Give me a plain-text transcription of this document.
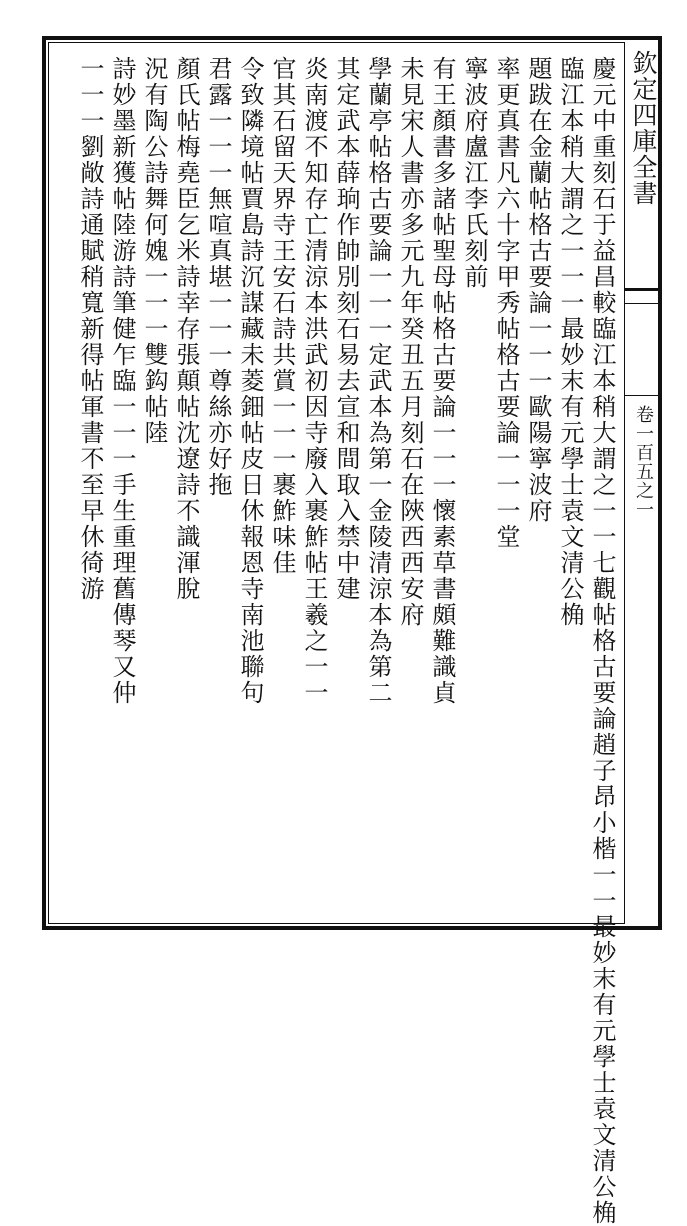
欽定四庫全書
卷一百五之一
慶元中重刻石于益昌較臨江本稍大謂之一一七觀帖格古要論趙子昂小楷一一最妙末有元學士袁文清公桷
臨江本稍大謂之一一一最妙末有元學士袁文清公桷
題跋在金蘭帖格古要論一一一歐陽寧波府
率更真書凡六十字甲秀帖格古要論一一一堂
寧波府盧江李氏刻前
有王顏書多諸帖聖母帖格古要論一一一懷素草書頗難識貞
未見宋人書亦多元九年癸丑五月刻石在陜西西安府
學蘭亭帖格古要論一一一定武本為第一金陵清涼本為第二
其定武本薛珦作帥別刻石易去宣和間取入禁中建
炎南渡不知存亡清涼本洪武初因寺廢入裹鮓帖王羲之一一
官其石留天界寺王安石詩共賞一一一裹鮓味佳
令致隣境帖賈島詩沉謀藏未菱鈿帖皮日休報恩寺南池聯句
君露一一一無喧真堪一一一尊絲亦好拖
顏氏帖梅堯臣乞米詩幸存張顛帖沈遼詩不識渾脫
況有陶公詩舞何媿一一一雙鈎帖陸
詩妙墨新獲帖陸游詩筆健乍臨一一一手生重理舊傳琴又仲
一一一劉敞詩通賦稍寬新得帖軍書不至早休徛游
